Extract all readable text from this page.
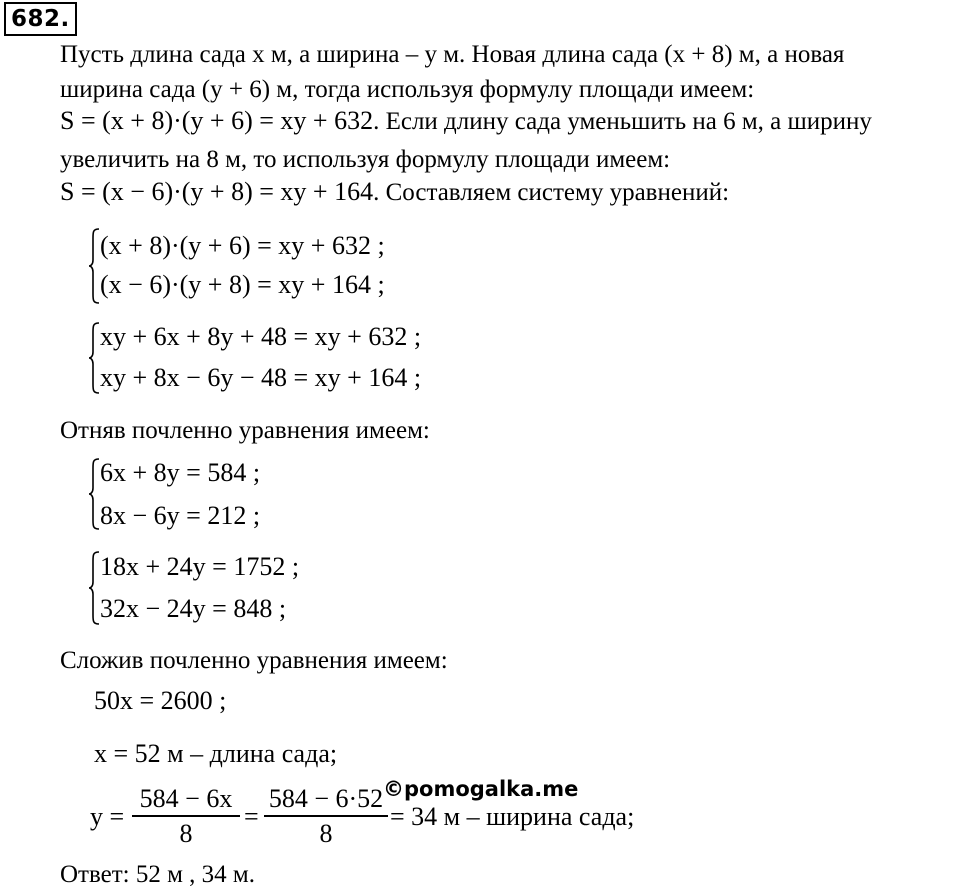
682.
Пусть длина сада x м, а ширина – y м. Новая длина сада (x + 8) м, а новая
ширина сада (y + 6) м, тогда используя формулу площади имеем:
S = (x + 8)·(y + 6) = xy + 632. Если длину сада уменьшить на 6 м, а ширину
увеличить на 8 м, то используя формулу площади имеем:
S = (x − 6)·(y + 8) = xy + 164. Составляем систему уравнений:
(x + 8)·(y + 6) = xy + 632 ;
(x − 6)·(y + 8) = xy + 164 ;
xy + 6x + 8y + 48 = xy + 632 ;
xy + 8x − 6y − 48 = xy + 164 ;
Отняв почленно уравнения имеем:
6x + 8y = 584 ;
8x − 6y = 212 ;
18x + 24y = 1752 ;
32x − 24y = 848 ;
Сложив почленно уравнения имеем:
50x = 2600 ;
x = 52 м – длина сада;
y =
584 − 6x
8
=
584 − 6·52
8
= 34 м – ширина сада;
©pomogalka.me
Ответ: 52 м , 34 м.
